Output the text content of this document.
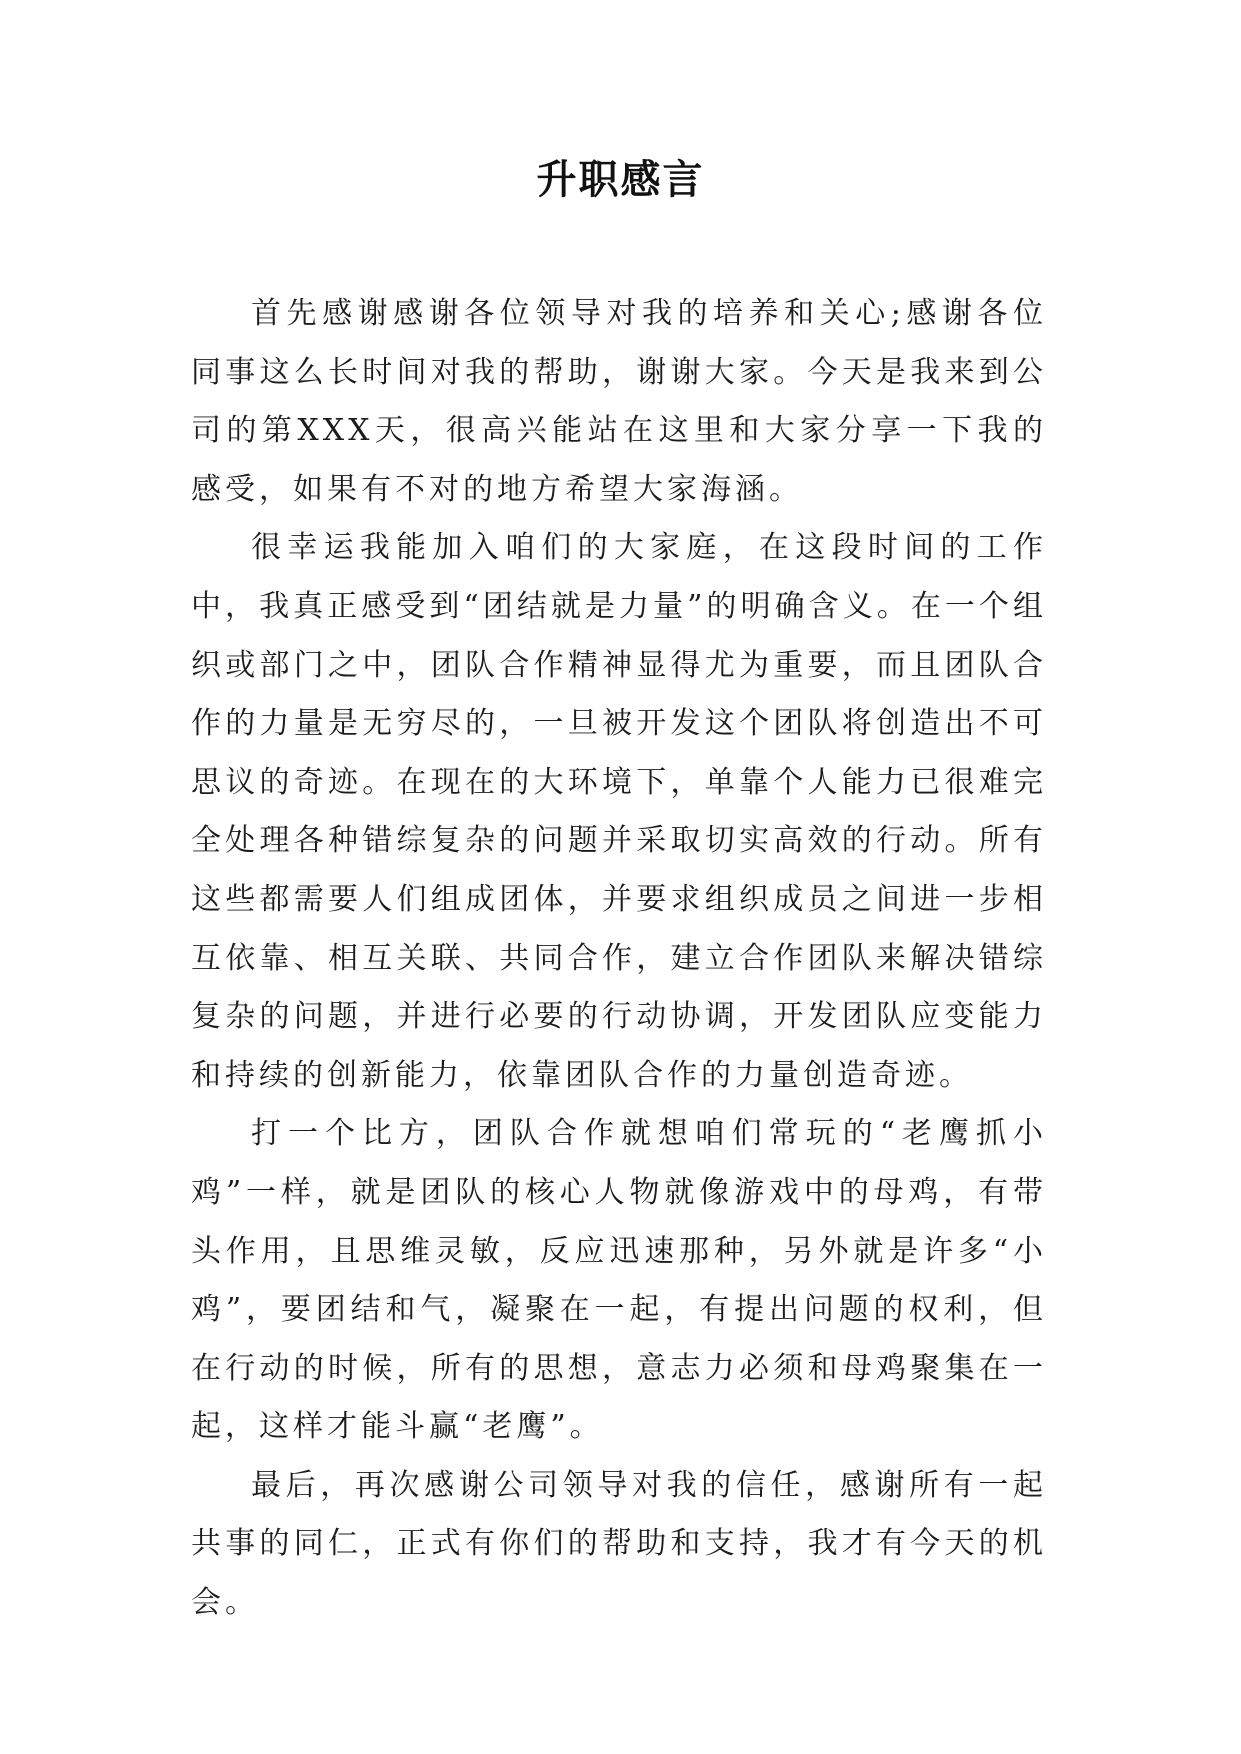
升职感言

首先感谢感谢各位领导对我的培养和关心;感谢各位同事这么长时间对我的帮助，谢谢大家。今天是我来到公司的第XXX天，很高兴能站在这里和大家分享一下我的感受，如果有不对的地方希望大家海涵。

很幸运我能加入咱们的大家庭，在这段时间的工作中，我真正感受到“团结就是力量”的明确含义。在一个组织或部门之中，团队合作精神显得尤为重要，而且团队合作的力量是无穷尽的，一旦被开发这个团队将创造出不可思议的奇迹。在现在的大环境下，单靠个人能力已很难完全处理各种错综复杂的问题并采取切实高效的行动。所有这些都需要人们组成团体，并要求组织成员之间进一步相互依靠、相互关联、共同合作，建立合作团队来解决错综复杂的问题，并进行必要的行动协调，开发团队应变能力和持续的创新能力，依靠团队合作的力量创造奇迹。

打一个比方，团队合作就想咱们常玩的“老鹰抓小鸡”一样，就是团队的核心人物就像游戏中的母鸡，有带头作用，且思维灵敏，反应迅速那种，另外就是许多“小鸡”，要团结和气，凝聚在一起，有提出问题的权利，但在行动的时候，所有的思想，意志力必须和母鸡聚集在一起，这样才能斗赢“老鹰”。

最后，再次感谢公司领导对我的信任，感谢所有一起共事的同仁，正式有你们的帮助和支持，我才有今天的机会。
